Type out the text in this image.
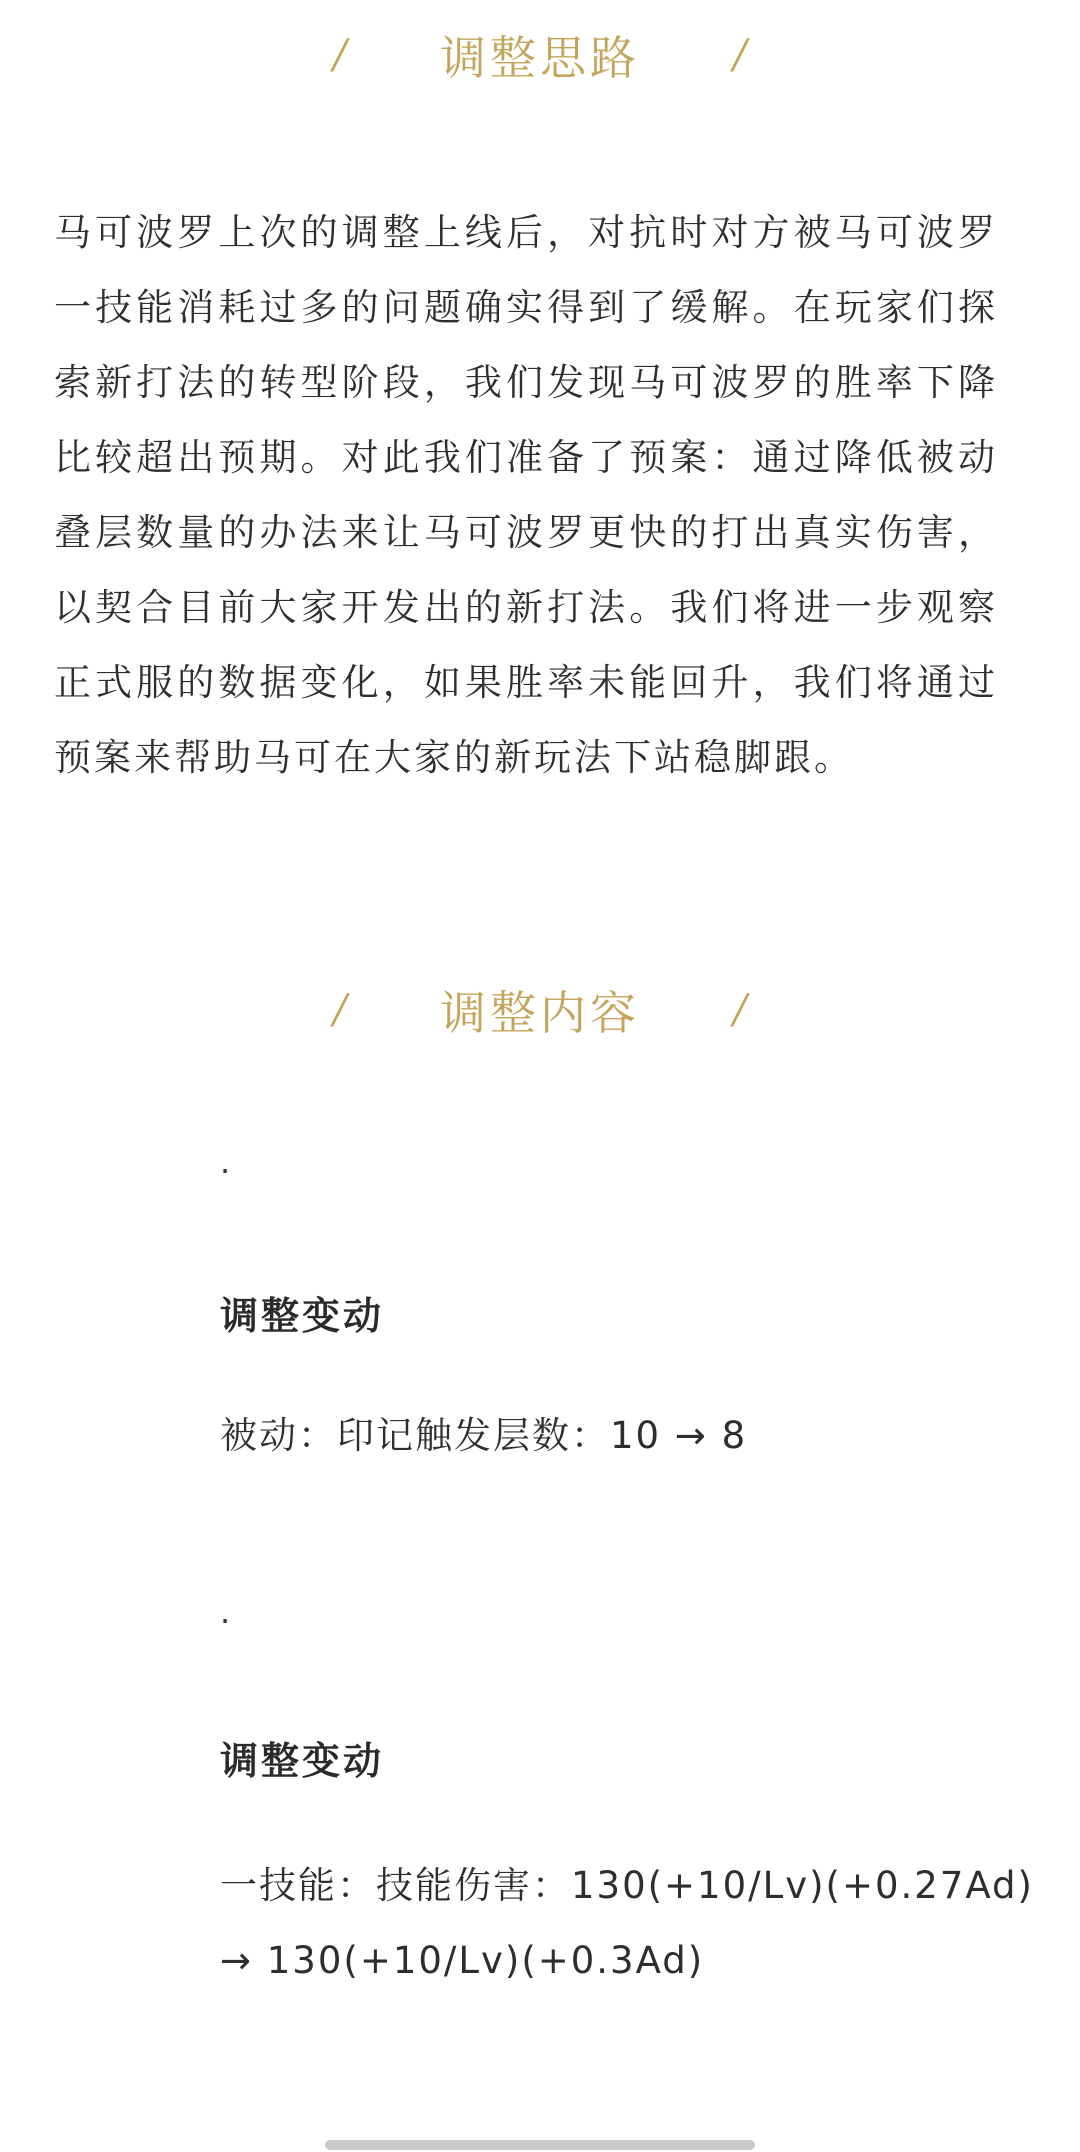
/	调整思路	/

马可波罗上次的调整上线后，对抗时对方被马可波罗一技能消耗过多的问题确实得到了缓解。在玩家们探索新打法的转型阶段，我们发现马可波罗的胜率下降比较超出预期。对此我们准备了预案：通过降低被动叠层数量的办法来让马可波罗更快的打出真实伤害，以契合目前大家开发出的新打法。我们将进一步观察正式服的数据变化，如果胜率未能回升，我们将通过预案来帮助马可在大家的新玩法下站稳脚跟。

/	调整内容	/
·
调整变动
被动：印记触发层数：10 → 8
·
调整变动
一技能：技能伤害：130(+10/Lv)(+0.27Ad)
→ 130(+10/Lv)(+0.3Ad)
